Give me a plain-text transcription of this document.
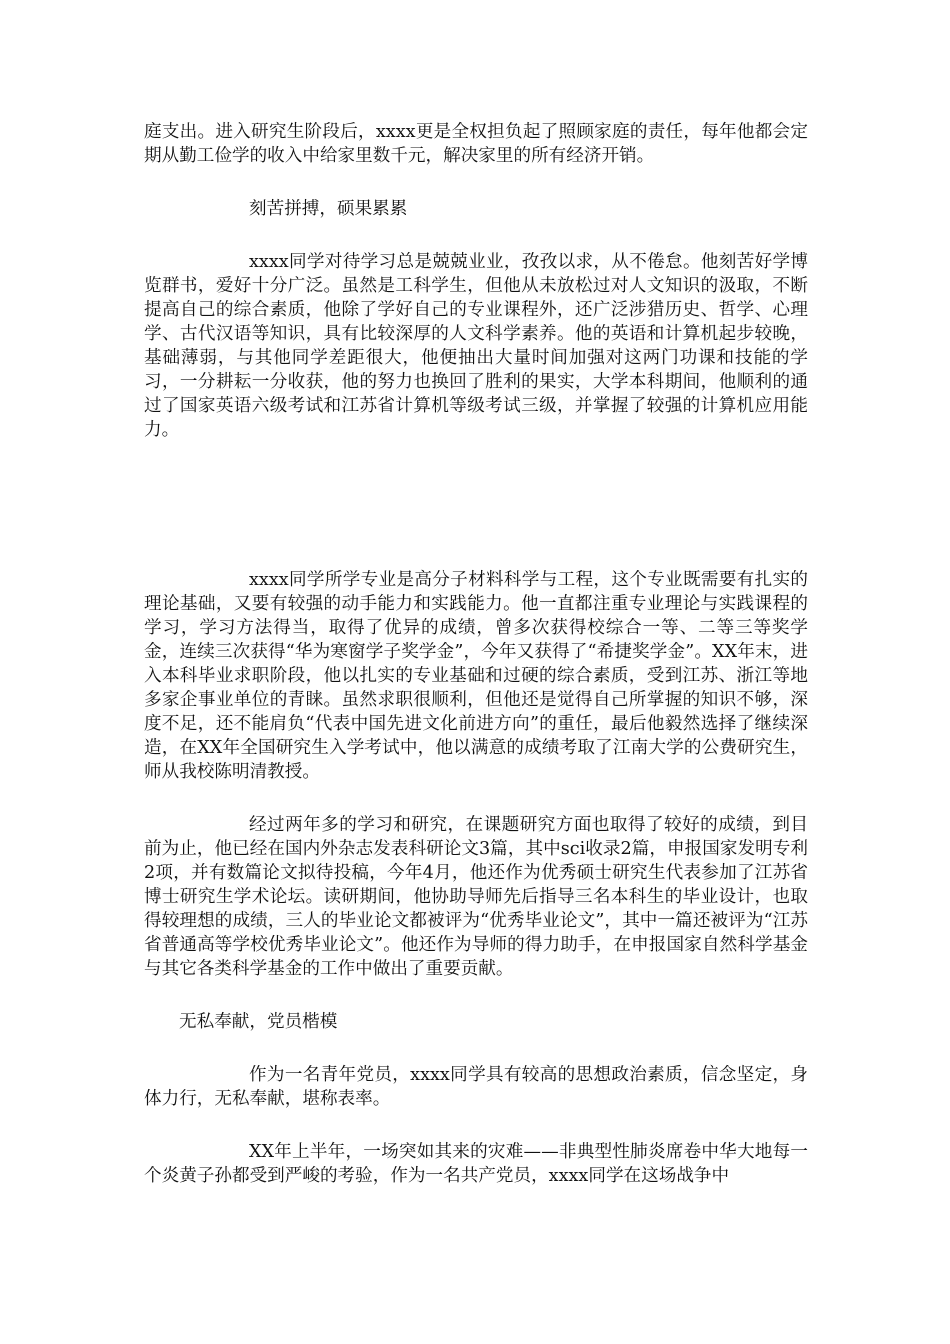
庭支出。进入研究生阶段后，xxxx更是全权担负起了照顾家庭的责任，每年他都会定期从勤工俭学的收入中给家里数千元，解决家里的所有经济开销。

刻苦拼搏，硕果累累

xxxx同学对待学习总是兢兢业业，孜孜以求，从不倦怠。他刻苦好学博览群书，爱好十分广泛。虽然是工科学生，但他从未放松过对人文知识的汲取，不断提高自己的综合素质，他除了学好自己的专业课程外，还广泛涉猎历史、哲学、心理学、古代汉语等知识，具有比较深厚的人文科学素养。他的英语和计算机起步较晚，基础薄弱，与其他同学差距很大，他便抽出大量时间加强对这两门功课和技能的学习，一分耕耘一分收获，他的努力也换回了胜利的果实，大学本科期间，他顺利的通过了国家英语六级考试和江苏省计算机等级考试三级，并掌握了较强的计算机应用能力。

xxxx同学所学专业是高分子材料科学与工程，这个专业既需要有扎实的理论基础，又要有较强的动手能力和实践能力。他一直都注重专业理论与实践课程的学习，学习方法得当，取得了优异的成绩，曾多次获得校综合一等、二等三等奖学金，连续三次获得“华为寒窗学子奖学金”，今年又获得了“希捷奖学金”。XX年末，进入本科毕业求职阶段，他以扎实的专业基础和过硬的综合素质，受到江苏、浙江等地多家企事业单位的青睐。虽然求职很顺利，但他还是觉得自己所掌握的知识不够，深度不足，还不能肩负“代表中国先进文化前进方向”的重任，最后他毅然选择了继续深造，在XX年全国研究生入学考试中，他以满意的成绩考取了江南大学的公费研究生，师从我校陈明清教授。

经过两年多的学习和研究，在课题研究方面也取得了较好的成绩，到目前为止，他已经在国内外杂志发表科研论文3篇，其中sci收录2篇，申报国家发明专利2项，并有数篇论文拟待投稿，今年4月，他还作为优秀硕士研究生代表参加了江苏省博士研究生学术论坛。读研期间，他协助导师先后指导三名本科生的毕业设计，也取得较理想的成绩，三人的毕业论文都被评为“优秀毕业论文”，其中一篇还被评为“江苏省普通高等学校优秀毕业论文”。他还作为导师的得力助手，在申报国家自然科学基金与其它各类科学基金的工作中做出了重要贡献。

无私奉献，党员楷模

作为一名青年党员，xxxx同学具有较高的思想政治素质，信念坚定，身体力行，无私奉献，堪称表率。

XX年上半年，一场突如其来的灾难——非典型性肺炎席卷中华大地每一个炎黄子孙都受到严峻的考验，作为一名共产党员，xxxx同学在这场战争中
